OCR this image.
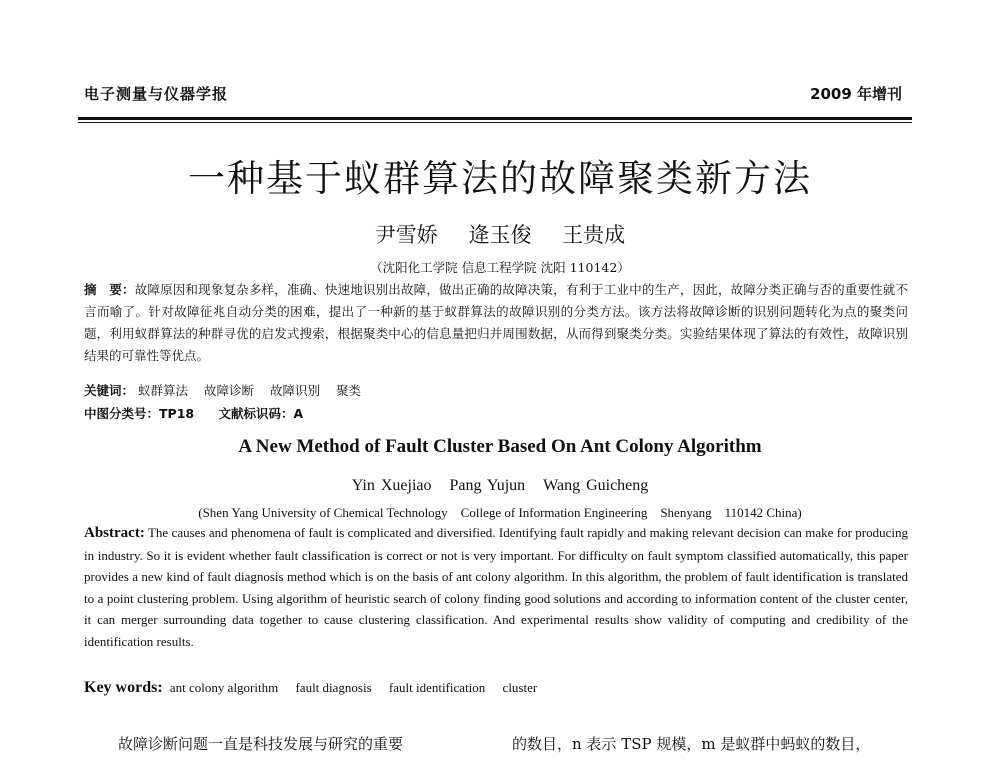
电子测量与仪器学报	2009 年增刊
一种基于蚁群算法的故障聚类新方法
尹雪娇 逄玉俊 王贵成
（沈阳化工学院 信息工程学院 沈阳 110142）
摘　要：故障原因和现象复杂多样，准确、快速地识别出故障，做出正确的故障决策，有利于工业中的生产，因此，故障分类正确与否的重要性就不言而喻了。针对故障征兆自动分类的困难，提出了一种新的基于蚁群算法的故障识别的分类方法。该方法将故障诊断的识别问题转化为点的聚类问题，利用蚁群算法的种群寻优的启发式搜索，根据聚类中心的信息量把归并周围数据，从而得到聚类分类。实验结果体现了算法的有效性，故障识别结果的可靠性等优点。
关键词： 蚁群算法 故障诊断 故障识别 聚类
中图分类号：TP18 文献标识码：A
A New Method of Fault Cluster Based On Ant Colony Algorithm
Yin Xuejiao Pang Yujun Wang Guicheng
(Shen Yang University of Chemical Technology　College of Information Engineering　Shenyang　110142 China)
Abstract: The causes and phenomena of fault is complicated and diversified. Identifying fault rapidly and making relevant decision can make for producing in industry. So it is evident whether fault classification is correct or not is very important. For difficulty on fault symptom classified automatically, this paper provides a new kind of fault diagnosis method which is on the basis of ant colony algorithm. In this algorithm, the problem of fault identification is translated to a point clustering problem. Using algorithm of heuristic search of colony finding good solutions and according to information content of the cluster center, it can merger surrounding data together to cause clustering classification. And experimental results show validity of computing and credibility of the identification results.
Key words: ant colony algorithm fault diagnosis fault identification cluster
故障诊断问题一直是科技发展与研究的重要	的数目，n 表示 TSP 规模，m 是蚁群中蚂蚁的数目，
